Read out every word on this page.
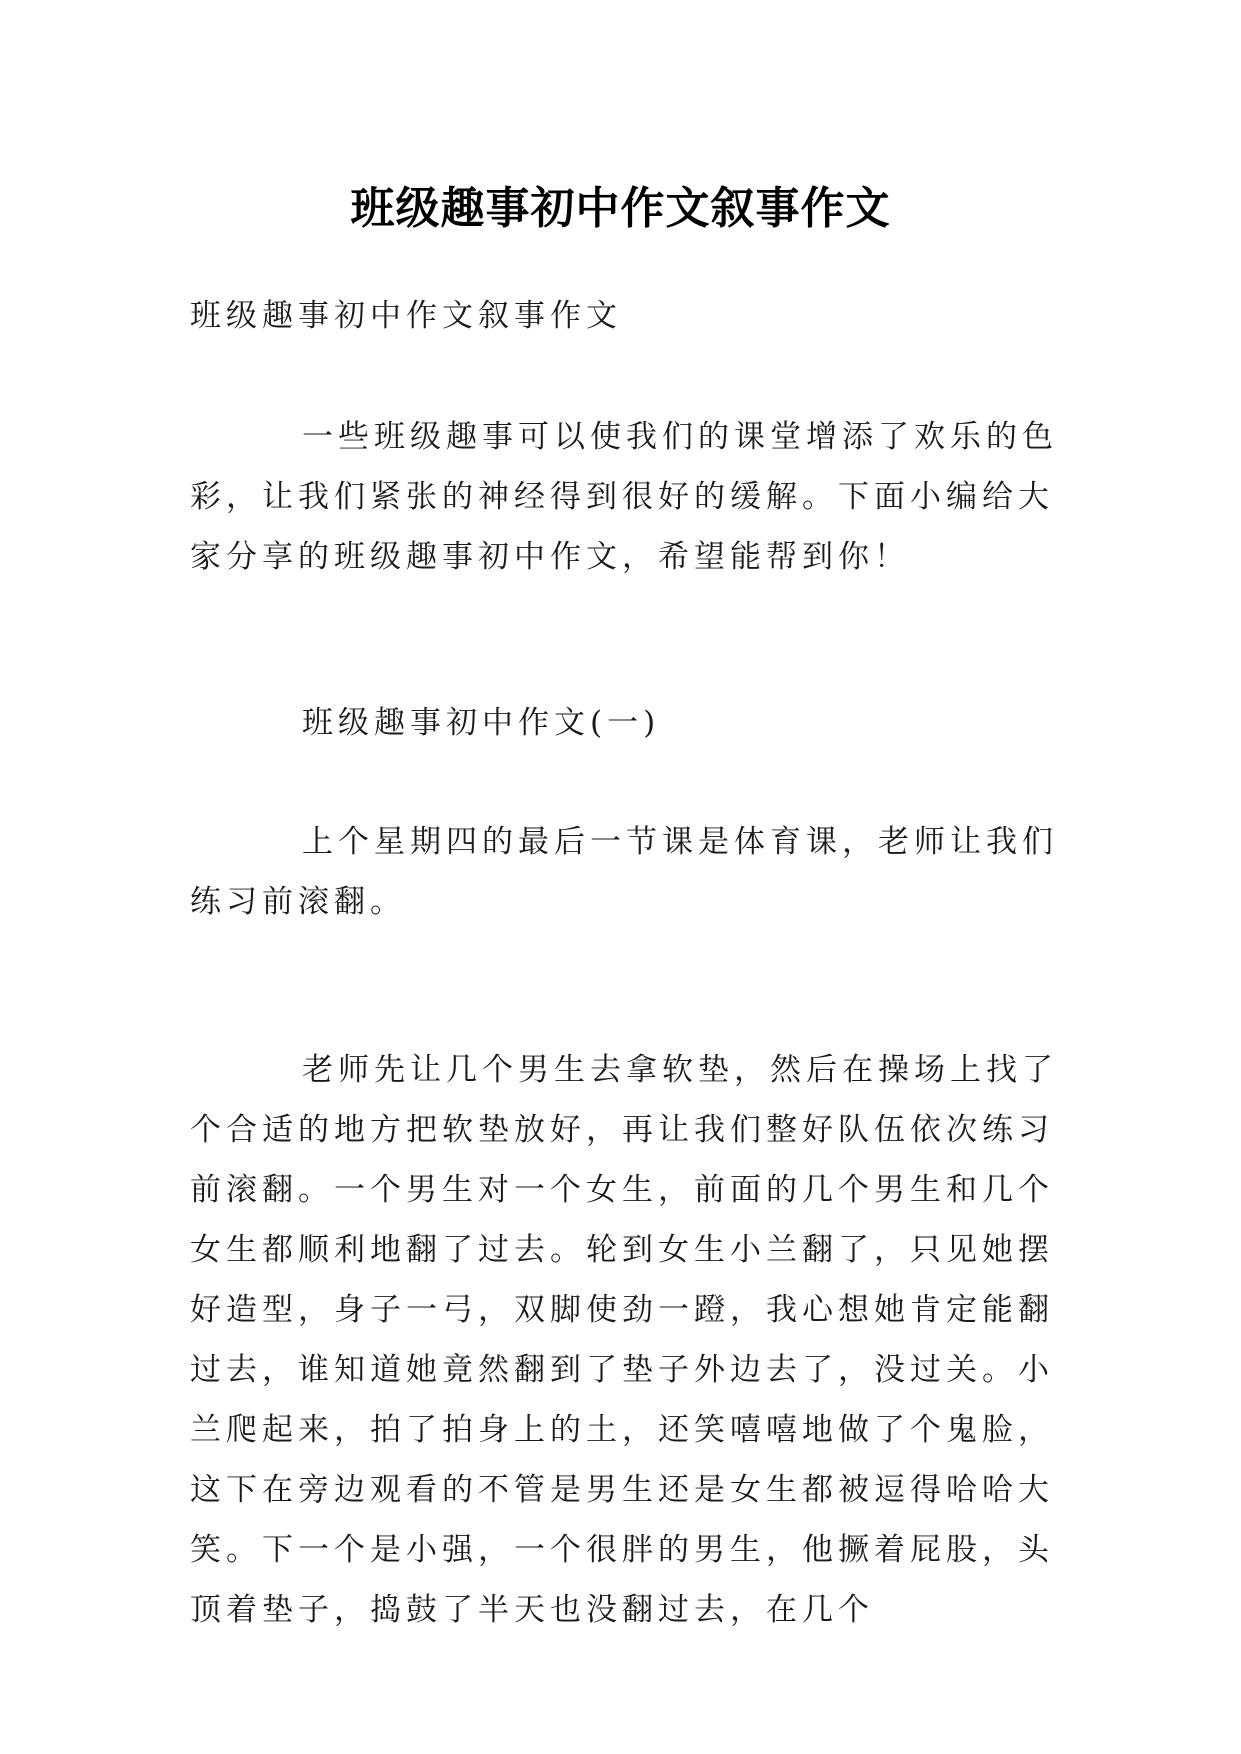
班级趣事初中作文叙事作文

班级趣事初中作文叙事作文

一些班级趣事可以使我们的课堂增添了欢乐的色彩，让我们紧张的神经得到很好的缓解。下面小编给大家分享的班级趣事初中作文，希望能帮到你！

班级趣事初中作文(一)

上个星期四的最后一节课是体育课，老师让我们练习前滚翻。

老师先让几个男生去拿软垫，然后在操场上找了个合适的地方把软垫放好，再让我们整好队伍依次练习前滚翻。一个男生对一个女生，前面的几个男生和几个女生都顺利地翻了过去。轮到女生小兰翻了，只见她摆好造型，身子一弓，双脚使劲一蹬，我心想她肯定能翻过去，谁知道她竟然翻到了垫子外边去了，没过关。小兰爬起来，拍了拍身上的土，还笑嘻嘻地做了个鬼脸，这下在旁边观看的不管是男生还是女生都被逗得哈哈大笑。下一个是小强，一个很胖的男生，他撅着屁股，头顶着垫子，捣鼓了半天也没翻过去，在几个
